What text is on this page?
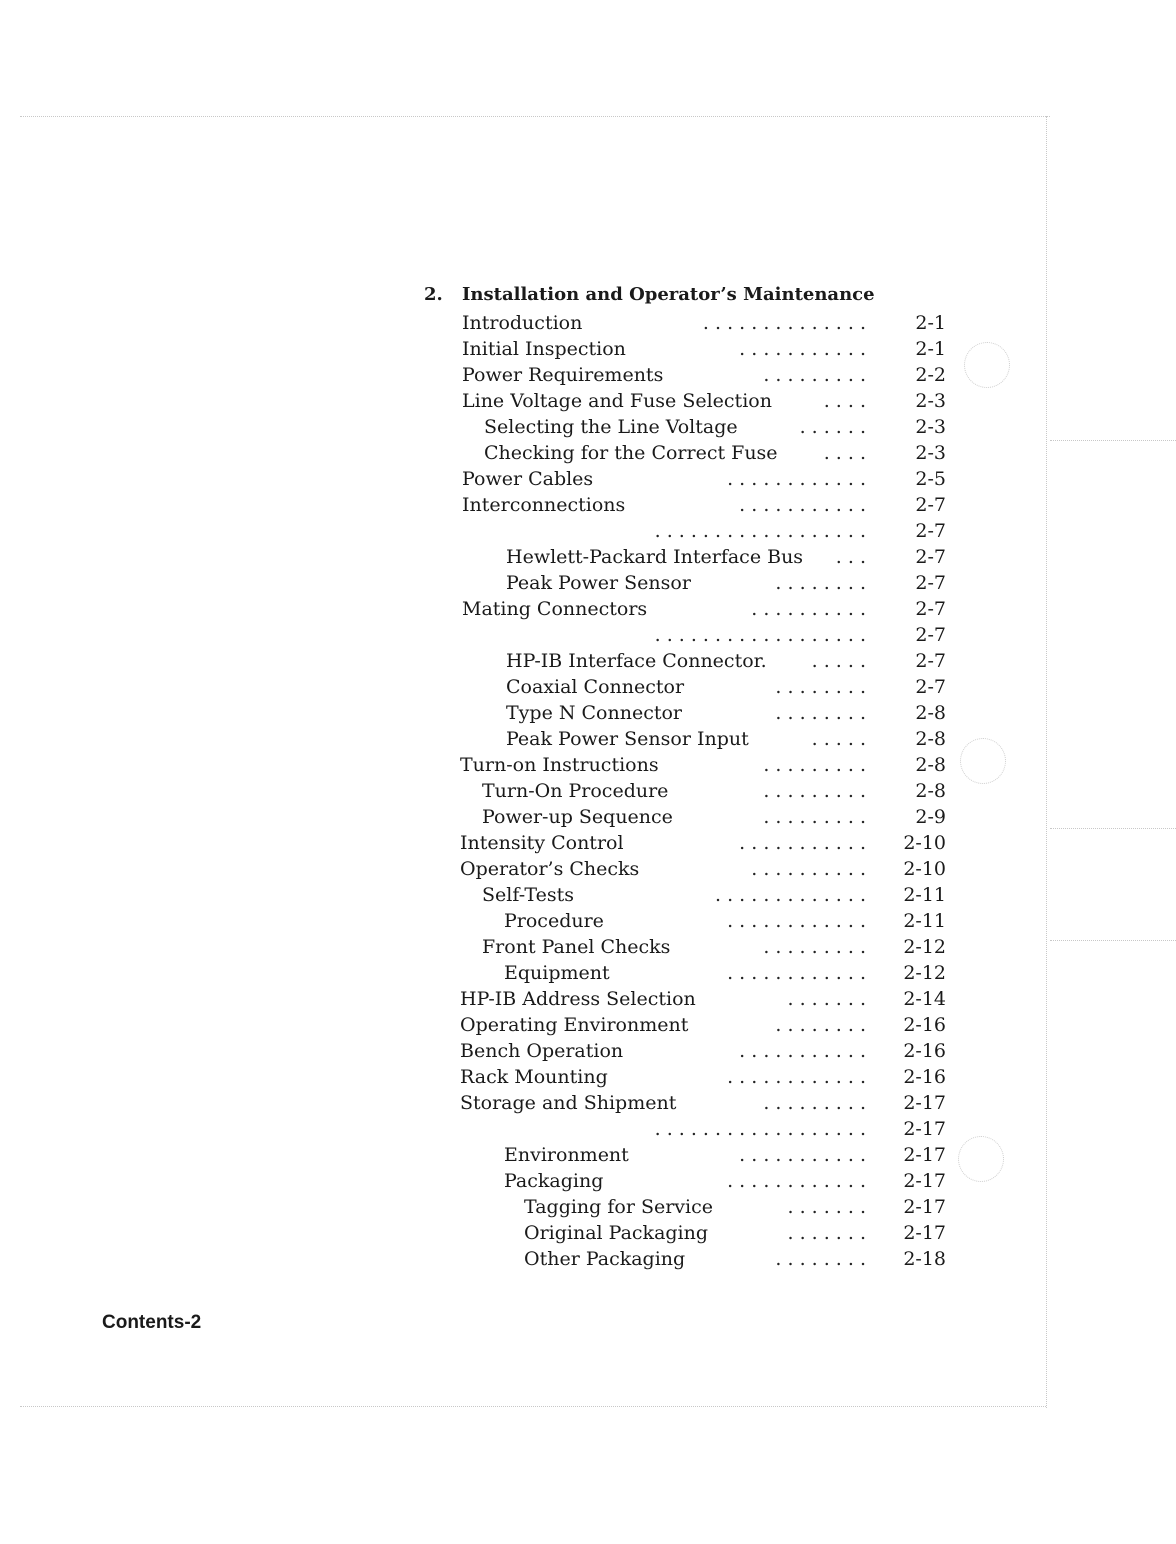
2. Installation and Operator’s Maintenance
Introduction	. . . . . . . . . . . . . .	2-1
Initial Inspection	. . . . . . . . . . .	2-1
Power Requirements	. . . . . . . . .	2-2
Line Voltage and Fuse Selection	. . . .	2-3
Selecting the Line Voltage	. . . . . .	2-3
Checking for the Correct Fuse . . . .	2-3
Power Cables	. . . . . . . . . . . .	2-5
Interconnections	. . . . . . . . . . .	2-7
. . . . . . . . . . . . . . . . . .	2-7
Hewlett-Packard Interface Bus . . .	2-7
Peak Power Sensor	. . . . . . . .	2-7
Mating Connectors	. . . . . . . . . .	2-7
. . . . . . . . . . . . . . . . . .	2-7
HP-IB Interface Connector. . . . . .	2-7
Coaxial Connector	. . . . . . . .	2-7
Type N Connector	. . . . . . . .	2-8
Peak Power Sensor Input	. . . . .	2-8
Turn-on Instructions	. . . . . . . . .	2-8
Turn-On Procedure	. . . . . . . . .	2-8
Power-up Sequence	. . . . . . . . .	2-9
Intensity Control	. . . . . . . . . . .	2-10
Operator’s Checks	. . . . . . . . . .	2-10
Self-Tests	. . . . . . . . . . . . .	2-11
Procedure	. . . . . . . . . . . .	2-11
Front Panel Checks	. . . . . . . . .	2-12
Equipment	. . . . . . . . . . . .	2-12
HP-IB Address Selection	. . . . . . .	2-14
Operating Environment	. . . . . . . .	2-16
Bench Operation	. . . . . . . . . . .	2-16
Rack Mounting	. . . . . . . . . . . .	2-16
Storage and Shipment	. . . . . . . . .	2-17
. . . . . . . . . . . . . . . . . .	2-17
Environment	. . . . . . . . . . .	2-17
Packaging	. . . . . . . . . . . .	2-17
Tagging for Service	. . . . . . .	2-17
Original Packaging	. . . . . . .	2-17
Other Packaging	. . . . . . . .	2-18
Contents-2
